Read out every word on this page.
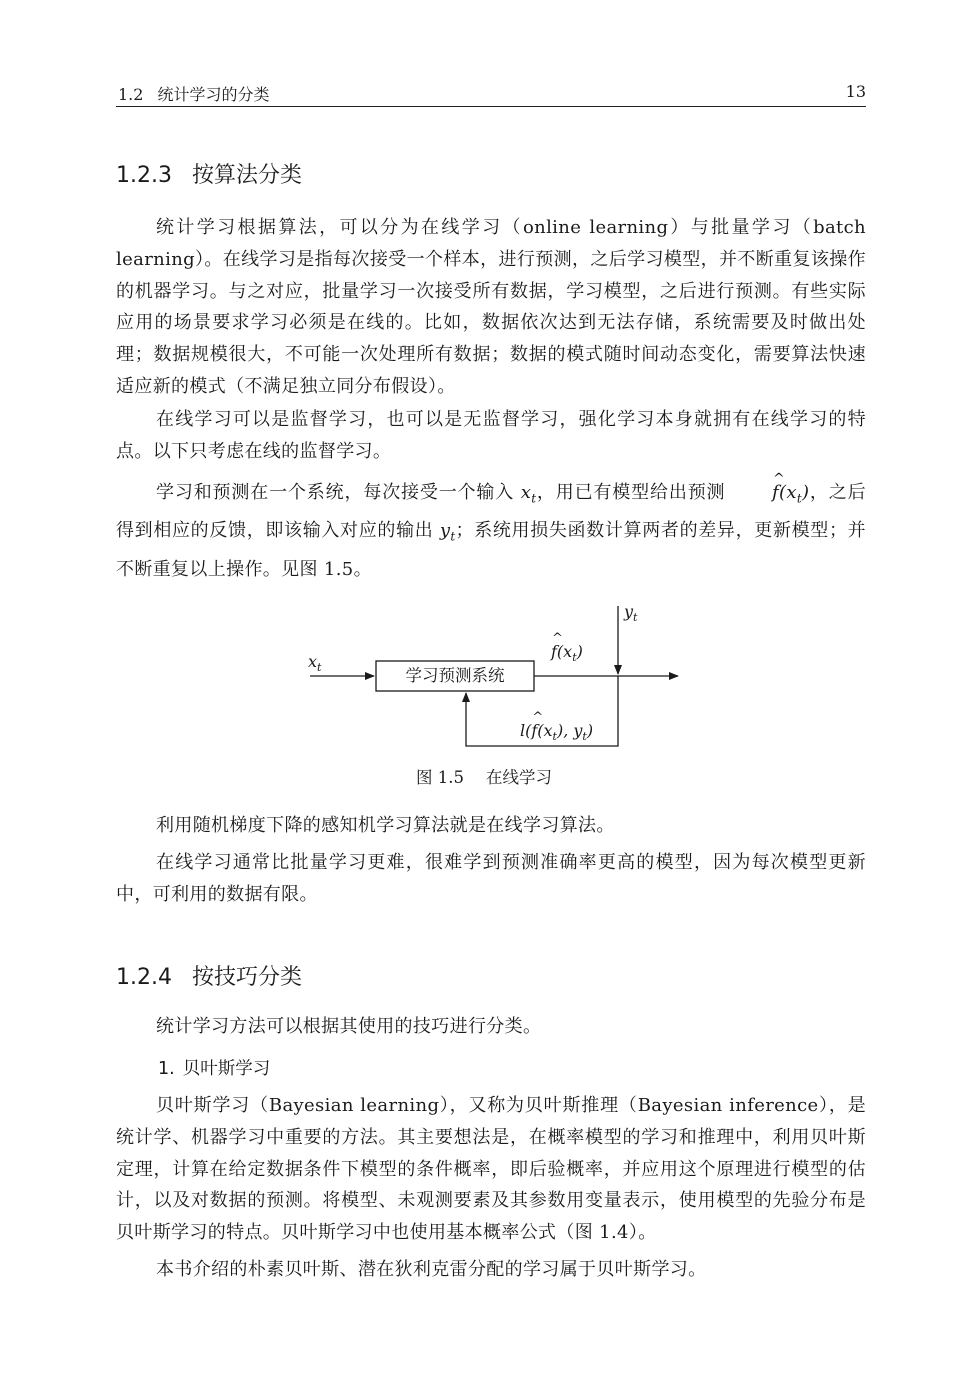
1.2 统计学习的分类	13
1.2.3 按算法分类

统计学习根据算法，可以分为在线学习（online learning）与批量学习（batch learning）。在线学习是指每次接受一个样本，进行预测，之后学习模型，并不断重复该操作的机器学习。与之对应，批量学习一次接受所有数据，学习模型，之后进行预测。有些实际应用的场景要求学习必须是在线的。比如，数据依次达到无法存储，系统需要及时做出处理；数据规模很大，不可能一次处理所有数据；数据的模式随时间动态变化，需要算法快速适应新的模式（不满足独立同分布假设）。

在线学习可以是监督学习，也可以是无监督学习，强化学习本身就拥有在线学习的特点。以下只考虑在线的监督学习。

学习和预测在一个系统，每次接受一个输入 $x_t$，用已有模型给出预测 ^ $f(x_t)$，之后得到相应的反馈，即该输入对应的输出 $y_t$；系统用损失函数计算两者的差异，更新模型；并不断重复以上操作。见图 1.5。

$x_t$
$y_t$
^ $f(x_t)$
l(^ $f(x_t)$, $y_t$)
学习预测系统
图 1.5 在线学习

利用随机梯度下降的感知机学习算法就是在线学习算法。

在线学习通常比批量学习更难，很难学到预测准确率更高的模型，因为每次模型更新中，可利用的数据有限。

1.2.4 按技巧分类

统计学习方法可以根据其使用的技巧进行分类。

1. 贝叶斯学习

贝叶斯学习（Bayesian learning），又称为贝叶斯推理（Bayesian inference），是统计学、机器学习中重要的方法。其主要想法是，在概率模型的学习和推理中，利用贝叶斯定理，计算在给定数据条件下模型的条件概率，即后验概率，并应用这个原理进行模型的估计，以及对数据的预测。将模型、未观测要素及其参数用变量表示，使用模型的先验分布是贝叶斯学习的特点。贝叶斯学习中也使用基本概率公式（图 1.4）。

本书介绍的朴素贝叶斯、潜在狄利克雷分配的学习属于贝叶斯学习。
